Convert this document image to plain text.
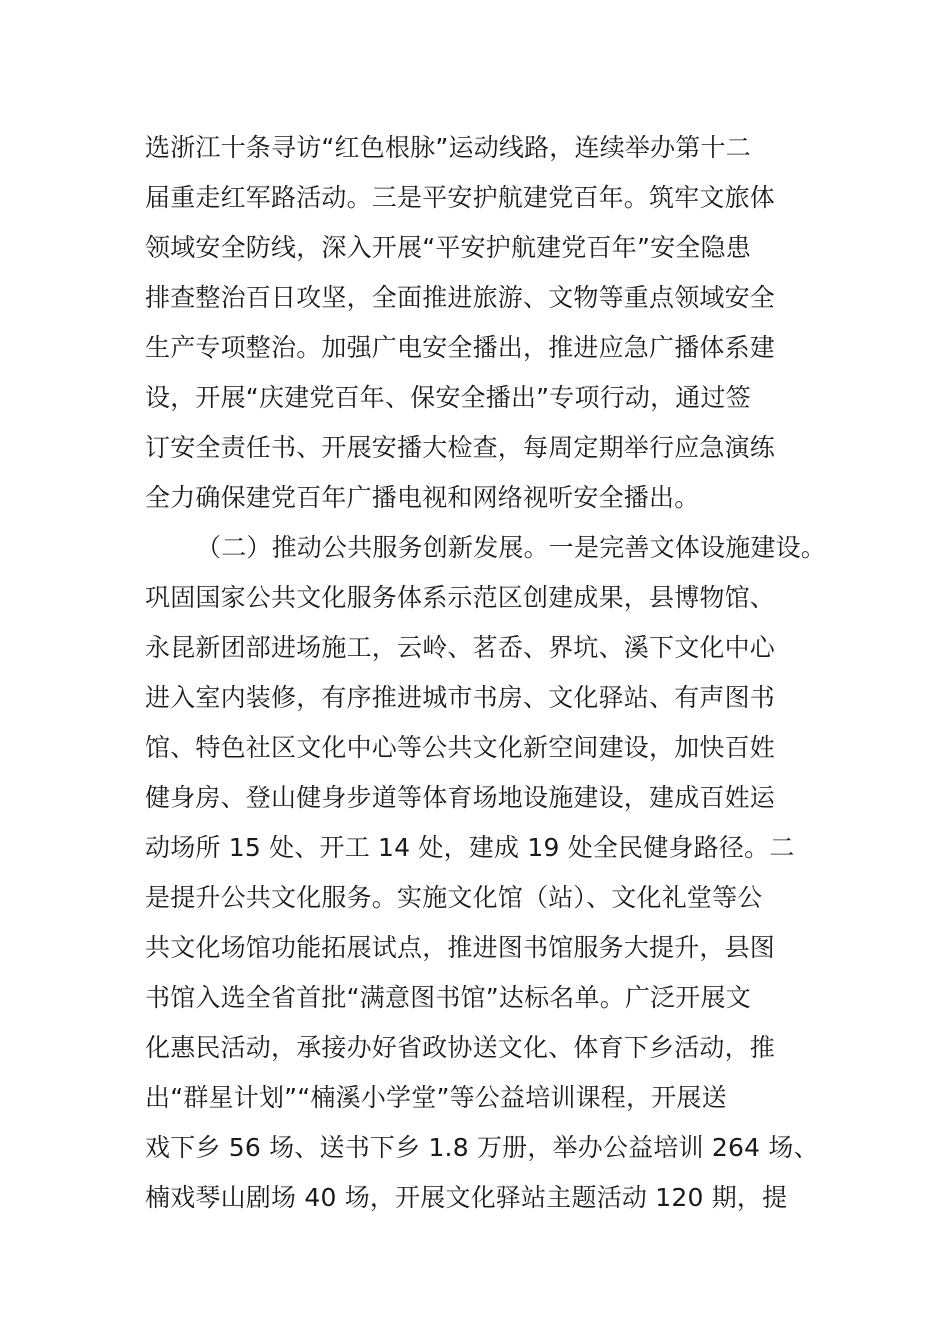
选浙江十条寻访“红色根脉”运动线路，连续举办第十二
届重走红军路活动。三是平安护航建党百年。筑牢文旅体
领域安全防线，深入开展“平安护航建党百年”安全隐患
排查整治百日攻坚，全面推进旅游、文物等重点领域安全
生产专项整治。加强广电安全播出，推进应急广播体系建
设，开展“庆建党百年、保安全播出”专项行动，通过签
订安全责任书、开展安播大检查，每周定期举行应急演练
全力确保建党百年广播电视和网络视听安全播出。
（二）推动公共服务创新发展。一是完善文体设施建设。
巩固国家公共文化服务体系示范区创建成果，县博物馆、
永昆新团部进场施工，云岭、茗岙、界坑、溪下文化中心
进入室内装修，有序推进城市书房、文化驿站、有声图书
馆、特色社区文化中心等公共文化新空间建设，加快百姓
健身房、登山健身步道等体育场地设施建设，建成百姓运
动场所 15 处、开工 14 处，建成 19 处全民健身路径。二
是提升公共文化服务。实施文化馆（站）、文化礼堂等公
共文化场馆功能拓展试点，推进图书馆服务大提升，县图
书馆入选全省首批“满意图书馆”达标名单。广泛开展文
化惠民活动，承接办好省政协送文化、体育下乡活动，推
出“群星计划”“楠溪小学堂”等公益培训课程，开展送
戏下乡 56 场、送书下乡 1.8 万册，举办公益培训 264 场、
楠戏琴山剧场 40 场，开展文化驿站主题活动 120 期，提
